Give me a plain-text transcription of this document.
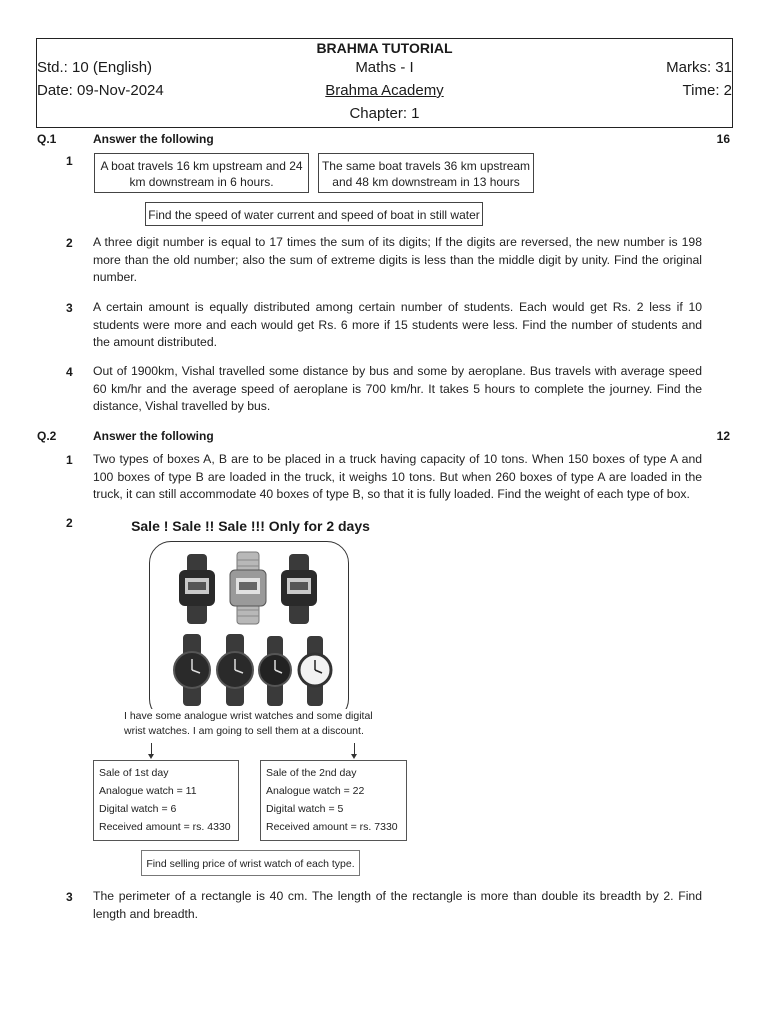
BRAHMA TUTORIAL
Std.: 10 (English)	Maths - I	Marks: 31
Date: 09-Nov-2024	Brahma Academy	Time: 2
Chapter: 1
Q.1	Answer the following	16
1	A boat travels 16 km upstream and 24 km downstream in 6 hours.
The same boat travels 36 km upstream and 48 km downstream in 13 hours
Find the speed of water current and speed of boat in still water
2 A three digit number is equal to 17 times the sum of its digits; If the digits are reversed, the new number is 198 more than the old number; also the sum of extreme digits is less than the middle digit by unity. Find the original number.
3 A certain amount is equally distributed among certain number of students. Each would get Rs. 2 less if 10 students were more and each would get Rs. 6 more if 15 students were less. Find the number of students and the amount distributed.
4 Out of 1900km, Vishal travelled some distance by bus and some by aeroplane. Bus travels with average speed 60 km/hr and the average speed of aeroplane is 700 km/hr. It takes 5 hours to complete the journey. Find the distance, Vishal travelled by bus.
Q.2	Answer the following	12
1 Two types of boxes A, B are to be placed in a truck having capacity of 10 tons. When 150 boxes of type A and 100 boxes of type B are loaded in the truck, it weighs 10 tons. But when 260 boxes of type A are loaded in the truck, it can still accommodate 40 boxes of type B, so that it is fully loaded. Find the weight of each type of box.
2	Sale ! Sale !! Sale !!! Only for 2 days
I have some analogue wrist watches and some digital wrist watches. I am going to sell them at a discount.
Sale of 1st day
Analogue watch = 11
Digital watch = 6
Received amount = rs. 4330
Sale of the 2nd day
Analogue watch = 22
Digital watch = 5
Received amount = rs. 7330
Find selling price of wrist watch of each type.
3 The perimeter of a rectangle is 40 cm. The length of the rectangle is more than double its breadth by 2. Find length and breadth.
